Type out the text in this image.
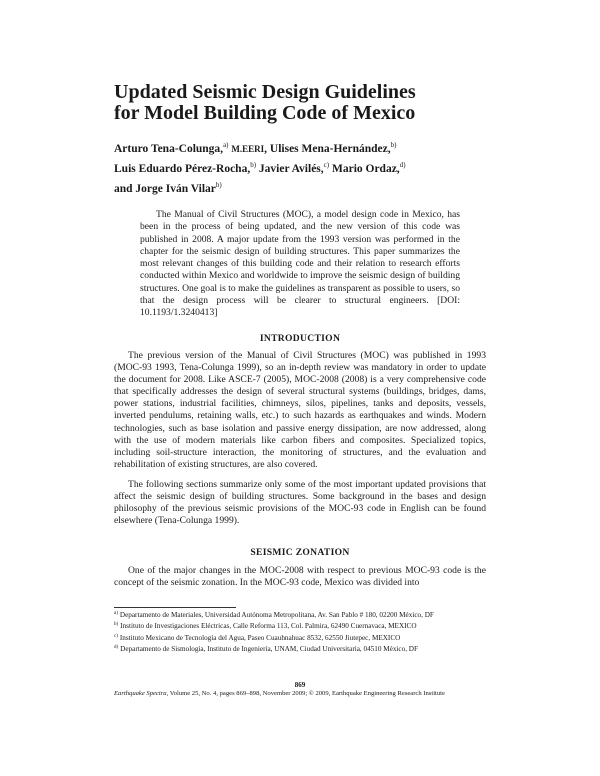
Updated Seismic Design Guidelines
for Model Building Code of Mexico
Arturo Tena-Colunga,$^{a)}$ M.EERI, Ulises Mena-Hernández,$^{b)}$
Luis Eduardo Pérez-Rocha,$^{b)}$ Javier Avilés,$^{c)}$ Mario Ordaz,$^{d)}$
and Jorge Iván Vilar$^{b)}$

The Manual of Civil Structures (MOC), a model design code in Mexico, has been in the process of being updated, and the new version of this code was published in 2008. A major update from the 1993 version was performed in the chapter for the seismic design of building structures. This paper summarizes the most relevant changes of this building code and their relation to research efforts conducted within Mexico and worldwide to improve the seismic design of building structures. One goal is to make the guidelines as transparent as possible to users, so that the design process will be clearer to structural engineers. [DOI: 10.1193/1.3240413]

INTRODUCTION

The previous version of the Manual of Civil Structures (MOC) was published in 1993 (MOC-93 1993, Tena-Colunga 1999), so an in-depth review was mandatory in order to update the document for 2008. Like ASCE-7 (2005), MOC-2008 (2008) is a very comprehensive code that specifically addresses the design of several structural systems (buildings, bridges, dams, power stations, industrial facilities, chimneys, silos, pipelines, tanks and deposits, vessels, inverted pendulums, retaining walls, etc.) to such hazards as earthquakes and winds. Modern technologies, such as base isolation and passive energy dissipation, are now addressed, along with the use of modern materials like carbon fibers and composites. Specialized topics, including soil-structure interaction, the monitoring of structures, and the evaluation and rehabilitation of existing structures, are also covered.

The following sections summarize only some of the most important updated provisions that affect the seismic design of building structures. Some background in the bases and design philosophy of the previous seismic provisions of the MOC-93 code in English can be found elsewhere (Tena-Colunga 1999).

SEISMIC ZONATION

One of the major changes in the MOC-2008 with respect to previous MOC-93 code is the concept of the seismic zonation. In the MOC-93 code, Mexico was divided into

$^{a)}$ Departamento de Materiales, Universidad Autónoma Metropolitana, Av. San Pablo # 180, 02200 México, DF
$^{b)}$ Instituto de Investigaciones Eléctricas, Calle Reforma 113, Col. Palmira, 62490 Cuernavaca, MEXICO
$^{c)}$ Instituto Mexicano de Tecnología del Agua, Paseo Cuauhnahuac 8532, 62550 Jiutepec, MEXICO
$^{d)}$ Departamento de Sismología, Instituto de Ingeniería, UNAM, Ciudad Universitaria, 04510 México, DF
869
Earthquake Spectra, Volume 25, No. 4, pages 869–898, November 2009; © 2009, Earthquake Engineering Research Institute
